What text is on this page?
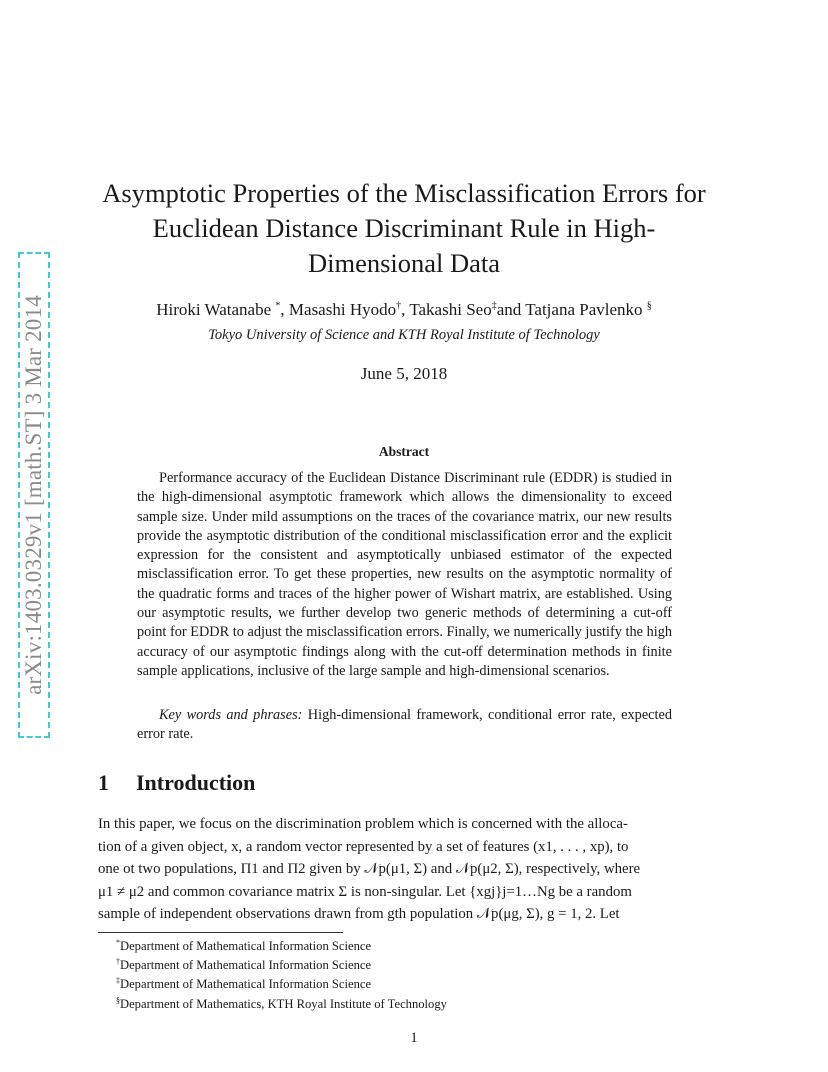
arXiv:1403.0329v1 [math.ST] 3 Mar 2014
Asymptotic Properties of the Misclassification Errors for Euclidean Distance Discriminant Rule in High-Dimensional Data
Hiroki Watanabe *, Masashi Hyodo†, Takashi Seo‡and Tatjana Pavlenko §
Tokyo University of Science and KTH Royal Institute of Technology
June 5, 2018
Abstract
Performance accuracy of the Euclidean Distance Discriminant rule (EDDR) is studied in the high-dimensional asymptotic framework which allows the dimensionality to exceed sample size. Under mild assumptions on the traces of the covariance matrix, our new results provide the asymptotic distribution of the conditional misclassification error and the explicit expression for the consistent and asymptotically unbiased estimator of the expected misclassification error. To get these properties, new results on the asymptotic normality of the quadratic forms and traces of the higher power of Wishart matrix, are established. Using our asymptotic results, we further develop two generic methods of determining a cut-off point for EDDR to adjust the misclassification errors. Finally, we numerically justify the high accuracy of our asymptotic findings along with the cut-off determination methods in finite sample applications, inclusive of the large sample and high-dimensional scenarios.
Key words and phrases: High-dimensional framework, conditional error rate, expected error rate.
1 Introduction
In this paper, we focus on the discrimination problem which is concerned with the alloca-
tion of a given object, x, a random vector represented by a set of features (x1, . . . , xp), to
one ot two populations, Π1 and Π2 given by 𝒩p(μ1, Σ) and 𝒩p(μ2, Σ), respectively, where
μ1 ≠ μ2 and common covariance matrix Σ is non-singular. Let {xgj}j=1…Ng be a random
sample of independent observations drawn from gth population 𝒩p(μg, Σ), g = 1, 2. Let
*Department of Mathematical Information Science
†Department of Mathematical Information Science
‡Department of Mathematical Information Science
§Department of Mathematics, KTH Royal Institute of Technology
1
